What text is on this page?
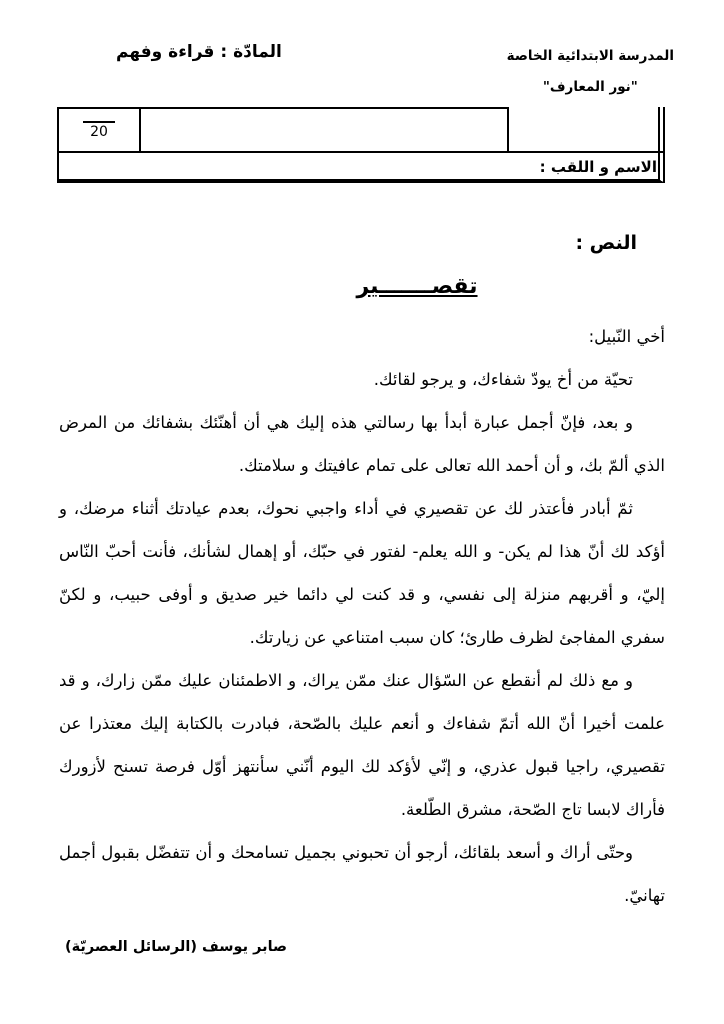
المادّة : قراءة وفهم	المدرسة الابتدائية الخاصة
"نور المعارف"
20
الاسم و اللقب :
النص :
تقصـــــــير

أخي النّبيل:

تحيّة من أخ يودّ شفاءك، و يرجو لقائك.

و بعد، فإنّ أجمل عبارة أبدأ بها رسالتي هذه إليك هي أن أهنّئك بشفائك من المرض الذي ألمّ بك، و أن أحمد الله تعالى على تمام عافيتك و سلامتك.

ثمّ أبادر فأعتذر لك عن تقصيري في أداء واجبي نحوك، بعدم عيادتك أثناء مرضك، و أؤكد لك أنّ هذا لم يكن- و الله يعلم- لفتور في حبّك، أو إهمال لشأنك، فأنت أحبّ النّاس إليّ، و أقربهم منزلة إلى نفسي، و قد كنت لي دائما خير صديق و أوفى حبيب، و لكنّ سفري المفاجئ لظرف طارئ؛ كان سبب امتناعي عن زيارتك.

و مع ذلك لم أنقطع عن السّؤال عنك ممّن يراك، و الاطمئنان عليك ممّن زارك، و قد علمت أخيرا أنّ الله أتمّ شفاءك و أنعم عليك بالصّحة، فبادرت بالكتابة إليك معتذرا عن تقصيري، راجيا قبول عذري، و إنّي لأؤكد لك اليوم أنّني سأنتهز أوّل فرصة تسنح لأزورك فأراك لابسا تاج الصّحة، مشرق الطّلعة.

وحتّى أراك و أسعد بلقائك، أرجو أن تحبوني بجميل تسامحك و أن تتفضّل بقبول أجمل تهانيّ.

صابر يوسف (الرسائل العصريّة)
